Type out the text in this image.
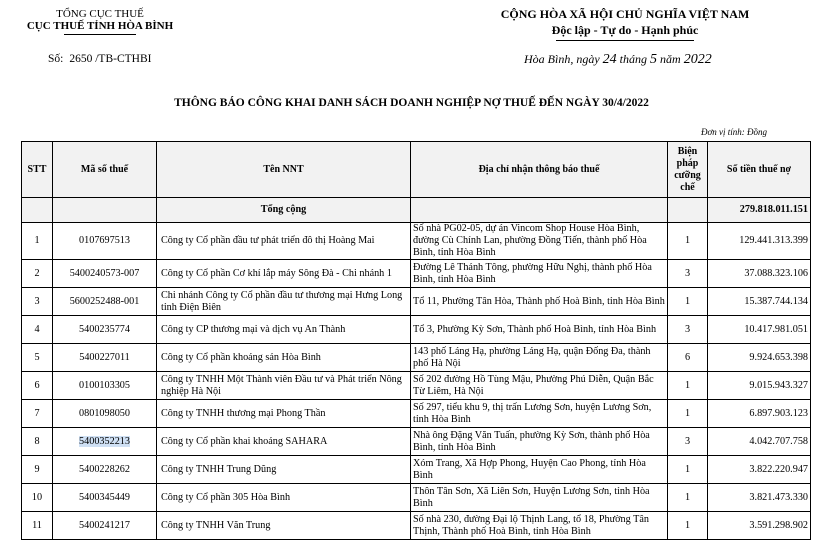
TỔNG CỤC THUẾ
CỤC THUẾ TỈNH HÒA BÌNH
CỘNG HÒA XÃ HỘI CHỦ NGHĨA VIỆT NAM
Độc lập - Tự do - Hạnh phúc
Số: 2650 /TB-CTHBI	Hòa Bình, ngày 24 tháng 5 năm 2022
THÔNG BÁO CÔNG KHAI DANH SÁCH DOANH NGHIỆP NỢ THUẾ ĐẾN NGÀY 30/4/2022
Đơn vị tính: Đồng
STT	Mã số thuế	Tên NNT	Địa chỉ nhận thông báo thuế	Biện pháp cưỡng chế	Số tiền thuế nợ
		Tổng cộng			279.818.011.151
1	0107697513	Công ty Cổ phần đầu tư phát triển đô thị Hoàng Mai	Số nhà PG02-05, dự án Vincom Shop House Hòa Bình, đường Cù Chính Lan, phường Đồng Tiến, thành phố Hòa Bình, tỉnh Hòa Bình	1	129.441.313.399
2	5400240573-007	Công ty Cổ phần Cơ khí lắp máy Sông Đà - Chi nhánh 1	Đường Lê Thánh Tông, phường Hữu Nghị, thành phố Hòa Bình, tỉnh Hòa Bình	3	37.088.323.106
3	5600252488-001	Chi nhánh Công ty Cổ phần đầu tư thương mại Hưng Long tỉnh Điện Biên	Tổ 11, Phường Tân Hòa, Thành phố Hoà Bình, tỉnh Hòa Bình	1	15.387.744.134
4	5400235774	Công ty CP thương mại và dịch vụ An Thành	Tổ 3, Phường Kỳ Sơn, Thành phố Hoà Bình, tỉnh Hòa Bình	3	10.417.981.051
5	5400227011	Công ty Cổ phần khoáng sản Hòa Bình	143 phố Láng Hạ, phường Láng Hạ, quận Đống Đa, thành phố Hà Nội	6	9.924.653.398
6	0100103305	Công ty TNHH Một Thành viên Đầu tư và Phát triển Nông nghiệp Hà Nội	Số 202 đường Hồ Tùng Mậu, Phường Phú Diễn, Quận Bắc Từ Liêm, Hà Nội	1	9.015.943.327
7	0801098050	Công ty TNHH thương mại Phong Thần	Số 297, tiểu khu 9, thị trấn Lương Sơn, huyện Lương Sơn, tỉnh Hòa Bình	1	6.897.903.123
8	5400352213	Công ty Cổ phần khai khoáng SAHARA	Nhà ông Đặng Văn Tuấn, phường Kỳ Sơn, thành phố Hòa Bình, tỉnh Hòa Bình	3	4.042.707.758
9	5400228262	Công ty TNHH Trung Dũng	Xóm Trang, Xã Hợp Phong, Huyện Cao Phong, tỉnh Hòa Bình	1	3.822.220.947
10	5400345449	Công ty Cổ phần 305 Hòa Bình	Thôn Tân Sơn, Xã Liên Sơn, Huyện Lương Sơn, tỉnh Hòa Bình	1	3.821.473.330
11	5400241217	Công ty TNHH Văn Trung	Số nhà 230, đường Đại lộ Thịnh Lang, tổ 18, Phường Tân Thịnh, Thành phố Hoà Bình, tỉnh Hòa Bình	1	3.591.298.902
